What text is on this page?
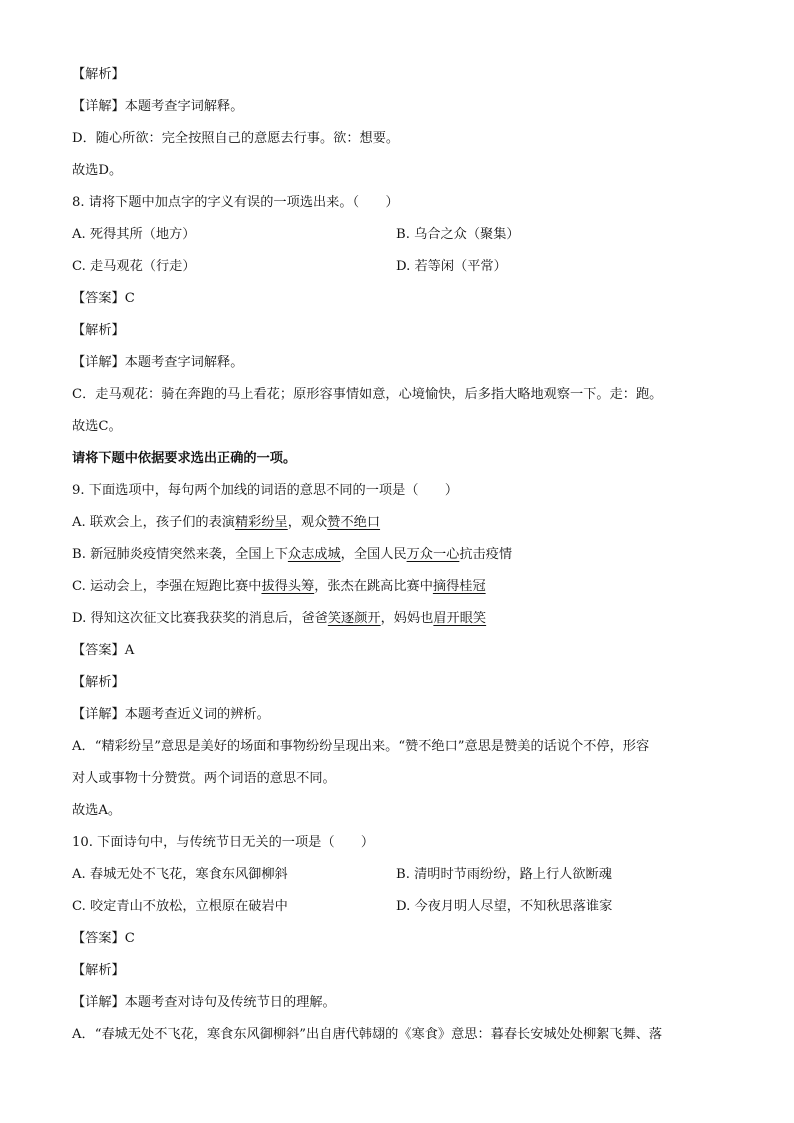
【解析】
【详解】本题考查字词解释。
D．随心所欲：完全按照自己的意愿去行事。欲：想要。
故选D。
8. 请将下题中加点字的字义有误的一项选出来。（　　）
A. 死得其所（地方）	B. 乌合之众（聚集）
C. 走马观花（行走）	D. 若等闲（平常）
【答案】C
【解析】
【详解】本题考查字词解释。
C．走马观花：骑在奔跑的马上看花；原形容事情如意，心境愉快，后多指大略地观察一下。走：跑。
故选C。
请将下题中依据要求选出正确的一项。
9. 下面选项中，每句两个加线的词语的意思不同的一项是（　　）
A. 联欢会上，孩子们的表演精彩纷呈，观众赞不绝口
B. 新冠肺炎疫情突然来袭，全国上下众志成城，全国人民万众一心抗击疫情
C. 运动会上，李强在短跑比赛中拔得头筹，张杰在跳高比赛中摘得桂冠
D. 得知这次征文比赛我获奖的消息后，爸爸笑逐颜开，妈妈也眉开眼笑
【答案】A
【解析】
【详解】本题考查近义词的辨析。
A．“精彩纷呈”意思是美好的场面和事物纷纷呈现出来。“赞不绝口”意思是赞美的话说个不停，形容
对人或事物十分赞赏。两个词语的意思不同。
故选A。
10. 下面诗句中，与传统节日无关的一项是（　　）
A. 春城无处不飞花，寒食东风御柳斜	B. 清明时节雨纷纷，路上行人欲断魂
C. 咬定青山不放松，立根原在破岩中	D. 今夜月明人尽望，不知秋思落谁家
【答案】C
【解析】
【详解】本题考查对诗句及传统节日的理解。
A．“春城无处不飞花，寒食东风御柳斜”出自唐代韩翃的《寒食》意思：暮春长安城处处柳絮飞舞、落
